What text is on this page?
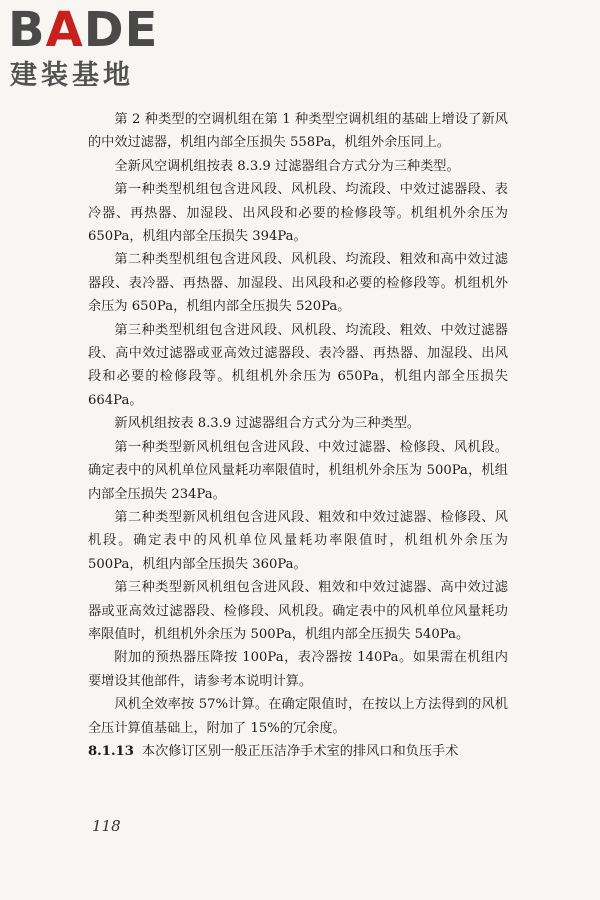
BADE
建装基地

第 2 种类型的空调机组在第 1 种类型空调机组的基础上增设了新风的中效过滤器，机组内部全压损失 558Pa，机组外余压同上。

全新风空调机组按表 8.3.9 过滤器组合方式分为三种类型。

第一种类型机组包含进风段、风机段、均流段、中效过滤器段、表冷器、再热器、加湿段、出风段和必要的检修段等。机组机外余压为 650Pa，机组内部全压损失 394Pa。

第二种类型机组包含进风段、风机段、均流段、粗效和高中效过滤器段、表冷器、再热器、加湿段、出风段和必要的检修段等。机组机外余压为 650Pa，机组内部全压损失 520Pa。

第三种类型机组包含进风段、风机段、均流段、粗效、中效过滤器段、高中效过滤器或亚高效过滤器段、表冷器、再热器、加湿段、出风段和必要的检修段等。机组机外余压为 650Pa，机组内部全压损失 664Pa。

新风机组按表 8.3.9 过滤器组合方式分为三种类型。

第一种类型新风机组包含进风段、中效过滤器、检修段、风机段。确定表中的风机单位风量耗功率限值时，机组机外余压为 500Pa，机组内部全压损失 234Pa。

第二种类型新风机组包含进风段、粗效和中效过滤器、检修段、风机段。确定表中的风机单位风量耗功率限值时，机组机外余压为 500Pa，机组内部全压损失 360Pa。

第三种类型新风机组包含进风段、粗效和中效过滤器、高中效过滤器或亚高效过滤器段、检修段、风机段。确定表中的风机单位风量耗功率限值时，机组机外余压为 500Pa，机组内部全压损失 540Pa。

附加的预热器压降按 100Pa，表冷器按 140Pa。如果需在机组内要增设其他部件，请参考本说明计算。

风机全效率按 57%计算。在确定限值时，在按以上方法得到的风机全压计算值基础上，附加了 15%的冗余度。

8.1.13 本次修订区别一般正压洁净手术室的排风口和负压手术

118
